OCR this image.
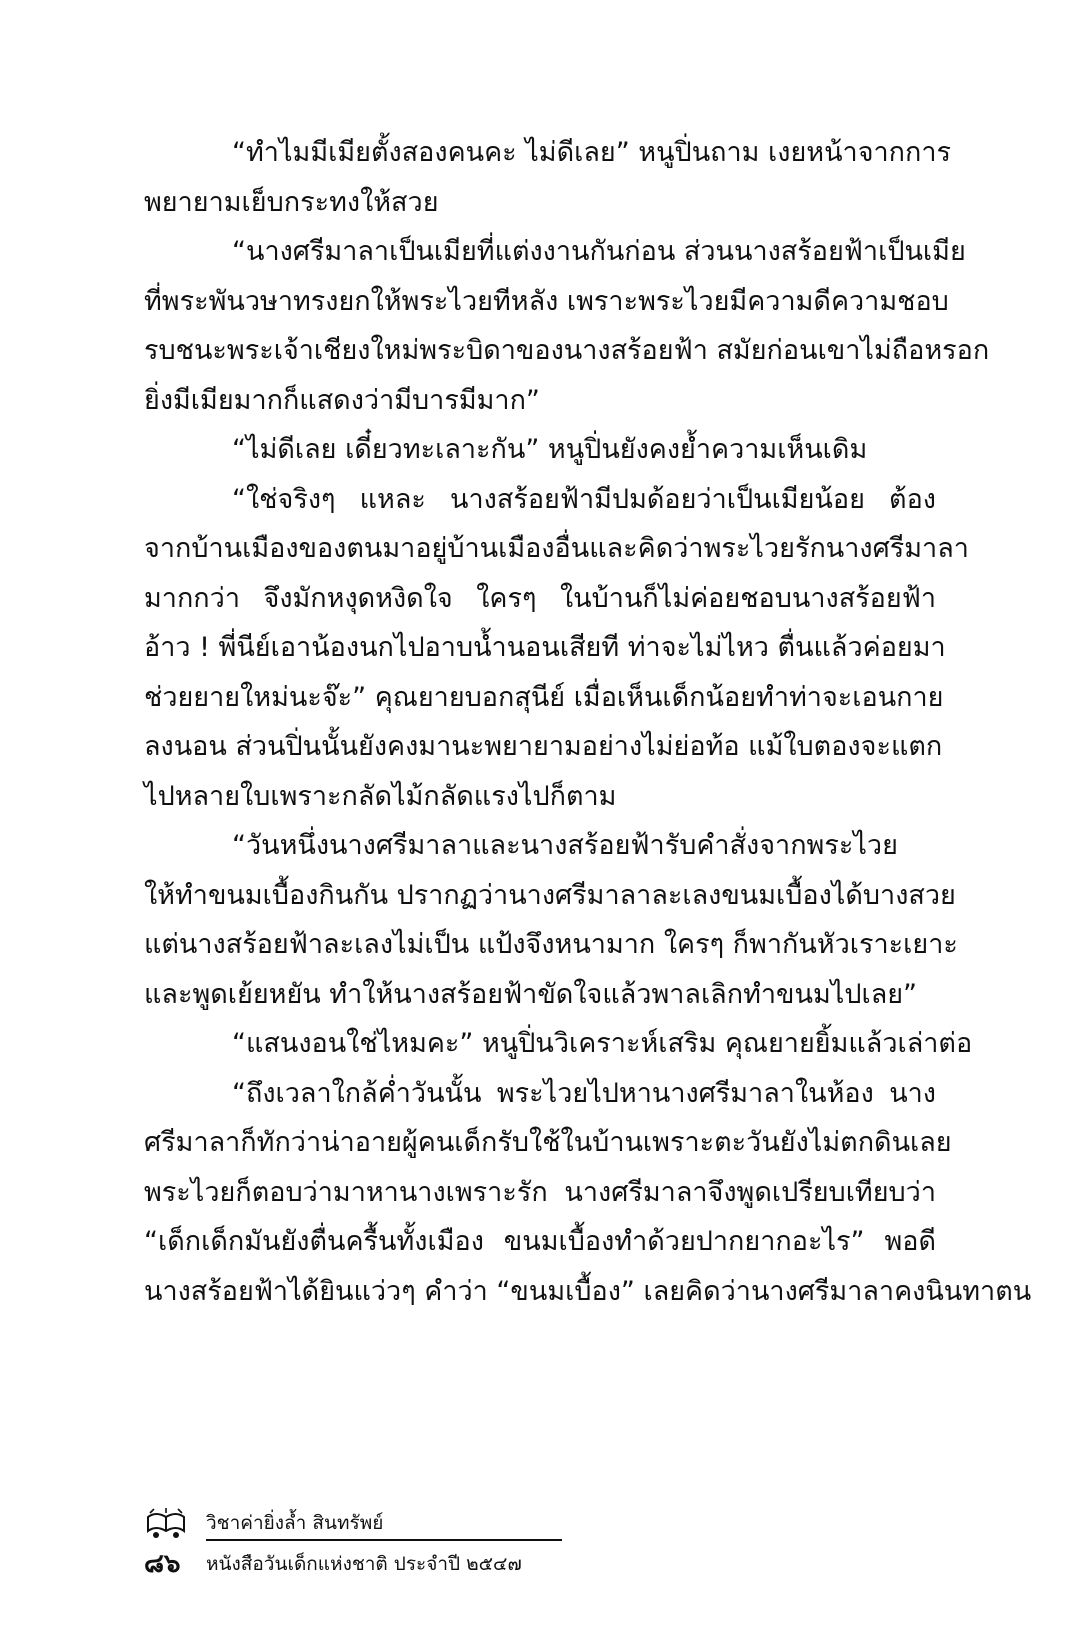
“ทำไมมีเมียตั้งสองคนคะ ไม่ดีเลย” หนูปิ่นถาม เงยหน้าจากการ
พยายามเย็บกระทงให้สวย
“นางศรีมาลาเป็นเมียที่แต่งงานกันก่อน ส่วนนางสร้อยฟ้าเป็นเมีย
ที่พระพันวษาทรงยกให้พระไวยทีหลัง เพราะพระไวยมีความดีความชอบ
รบชนะพระเจ้าเชียงใหม่พระบิดาของนางสร้อยฟ้า สมัยก่อนเขาไม่ถือหรอก
ยิ่งมีเมียมากก็แสดงว่ามีบารมีมาก”
“ไม่ดีเลย เดี๋ยวทะเลาะกัน” หนูปิ่นยังคงย้ำความเห็นเดิม
“ใช่จริงๆ แหละ นางสร้อยฟ้ามีปมด้อยว่าเป็นเมียน้อย ต้อง
จากบ้านเมืองของตนมาอยู่บ้านเมืองอื่นและคิดว่าพระไวยรักนางศรีมาลา
มากกว่า จึงมักหงุดหงิดใจ ใครๆ ในบ้านก็ไม่ค่อยชอบนางสร้อยฟ้า
อ้าว ! พี่นีย์เอาน้องนกไปอาบน้ำนอนเสียที ท่าจะไม่ไหว ตื่นแล้วค่อยมา
ช่วยยายใหม่นะจ๊ะ” คุณยายบอกสุนีย์ เมื่อเห็นเด็กน้อยทำท่าจะเอนกาย
ลงนอน ส่วนปิ่นนั้นยังคงมานะพยายามอย่างไม่ย่อท้อ แม้ใบตองจะแตก
ไปหลายใบเพราะกลัดไม้กลัดแรงไปก็ตาม
“วันหนึ่งนางศรีมาลาและนางสร้อยฟ้ารับคำสั่งจากพระไวย
ให้ทำขนมเบื้องกินกัน ปรากฏว่านางศรีมาลาละเลงขนมเบื้องได้บางสวย
แต่นางสร้อยฟ้าละเลงไม่เป็น แป้งจึงหนามาก ใครๆ ก็พากันหัวเราะเยาะ
และพูดเย้ยหยัน ทำให้นางสร้อยฟ้าขัดใจแล้วพาลเลิกทำขนมไปเลย”
“แสนงอนใช่ไหมคะ” หนูปิ่นวิเคราะห์เสริม คุณยายยิ้มแล้วเล่าต่อ
“ถึงเวลาใกล้ค่ำวันนั้น พระไวยไปหานางศรีมาลาในห้อง นาง
ศรีมาลาก็ทักว่าน่าอายผู้คนเด็กรับใช้ในบ้านเพราะตะวันยังไม่ตกดินเลย
พระไวยก็ตอบว่ามาหานางเพราะรัก นางศรีมาลาจึงพูดเปรียบเทียบว่า
“เด็กเด็กมันยังตื่นครื้นทั้งเมือง ขนมเบื้องทำด้วยปากยากอะไร” พอดี
นางสร้อยฟ้าได้ยินแว่วๆ คำว่า “ขนมเบื้อง” เลยคิดว่านางศรีมาลาคงนินทาตน
วิชาค่ายิ่งล้ำ สินทรัพย์
๘๖ หนังสือวันเด็กแห่งชาติ ประจำปี ๒๕๔๗
